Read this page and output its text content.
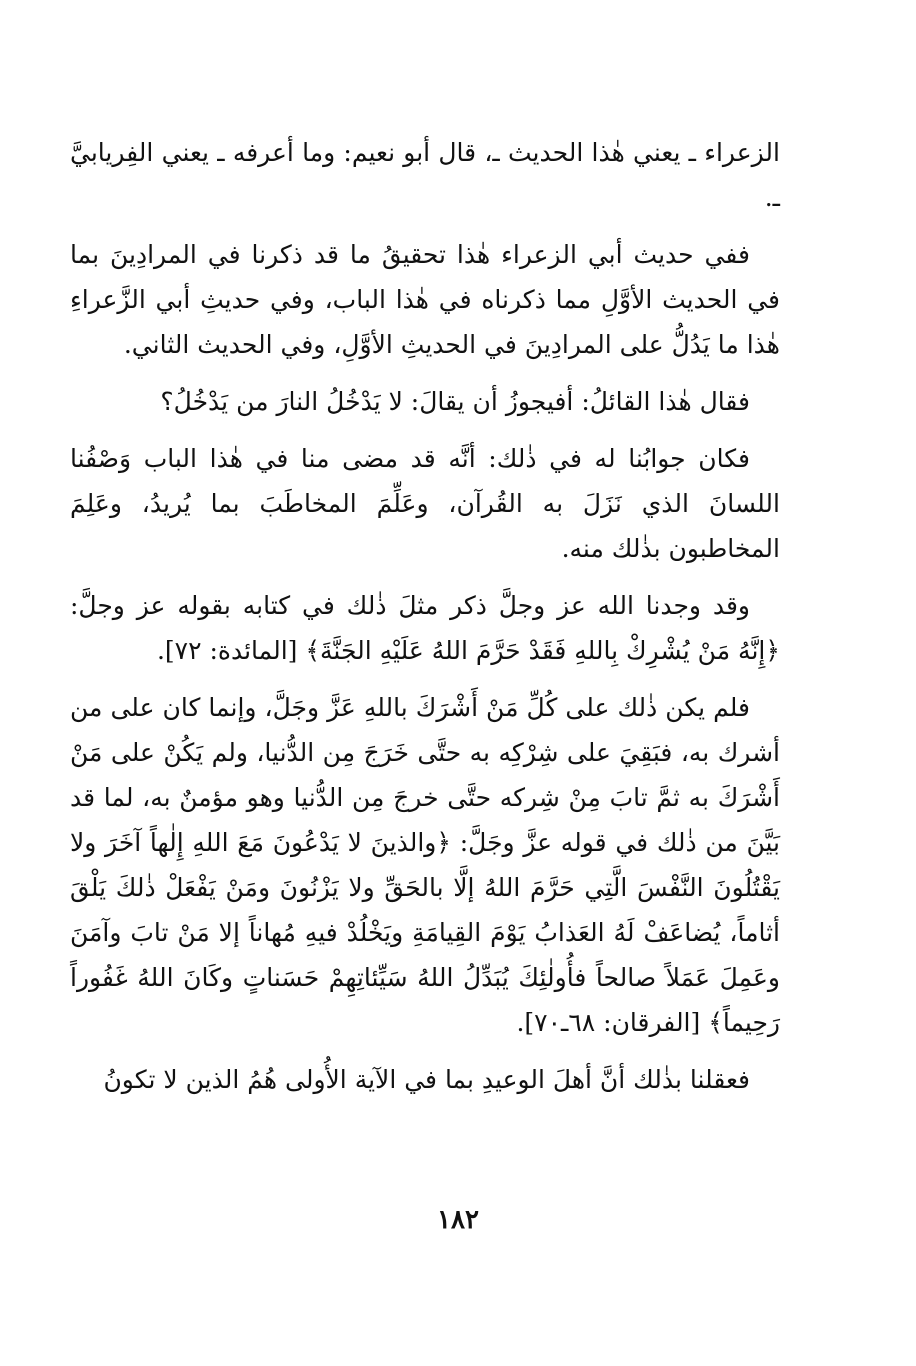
الزعراء ـ يعني هٰذا الحديث ـ، قال أبو نعيم: وما أعرفه ـ يعني الفِريابيَّ ـ.

ففي حديث أبي الزعراء هٰذا تحقيقُ ما قد ذكرنا في المرادِينَ بما في الحديث الأوَّلِ مما ذكرناه في هٰذا الباب، وفي حديثِ أبي الزَّعراءِ هٰذا ما يَدُلُّ على المرادِينَ في الحديثِ الأوَّلِ، وفي الحديث الثاني.

فقال هٰذا القائلُ: أفيجوزُ أن يقالَ: لا يَدْخُلُ النارَ من يَدْخُلُ؟

فكان جوابُنا له في ذٰلك: أنَّه قد مضى منا في هٰذا الباب وَصْفُنا اللسانَ الذي نَزَلَ به القُرآن، وعَلِّمَ المخاطَبَ بما يُريدُ، وعَلِمَ المخاطبون بذٰلك منه.

وقد وجدنا الله عز وجلَّ ذكر مثلَ ذٰلك في كتابه بقوله عز وجلَّ: ﴿إِنَّهُ مَنْ يُشْرِكْ بِاللهِ فَقَدْ حَرَّمَ اللهُ عَلَيْهِ الجَنَّةَ﴾ [المائدة: ٧٢].

فلم يكن ذٰلك على كُلِّ مَنْ أَشْرَكَ باللهِ عَزَّ وجَلَّ، وإنما كان على من أشرك به، فبَقِيَ على شِرْكِه به حتَّى خَرَجَ مِن الدُّنيا، ولم يَكُنْ على مَنْ أَشْرَكَ به ثمَّ تابَ مِنْ شِركه حتَّى خرجَ مِن الدُّنيا وهو مؤمنٌ به، لما قد بَيَّنَ من ذٰلك في قوله عزَّ وجَلَّ: ﴿والذينَ لا يَدْعُونَ مَعَ اللهِ إِلٰهاً آخَرَ ولا يَقْتُلُونَ النَّفْسَ الَّتِي حَرَّمَ اللهُ إلَّا بالحَقِّ ولا يَزْنُونَ ومَنْ يَفْعَلْ ذٰلكَ يَلْقَ أثاماً، يُضاعَفْ لَهُ العَذابُ يَوْمَ القِيامَةِ ويَخْلُدْ فيهِ مُهاناً إلا مَنْ تابَ وآمَنَ وعَمِلَ عَمَلاً صالحاً فأُولٰئِكَ يُبَدِّلُ اللهُ سَيِّئاتِهِمْ حَسَناتٍ وكَانَ اللهُ غَفُوراً رَحِيماً﴾ [الفرقان: ٦٨ـ٧٠].

فعقلنا بذٰلك أنَّ أهلَ الوعيدِ بما في الآية الأُولى هُمُ الذين لا تكونُ

١٨٢
